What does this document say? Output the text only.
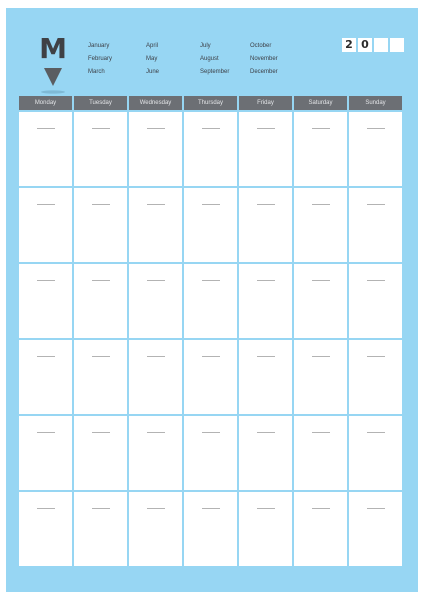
M	January	April	July	October
February	May	August	November
March	June	September	December
2 0
Monday	Tuesday	Wednesday	Thursday	Friday	Saturday	Sunday
